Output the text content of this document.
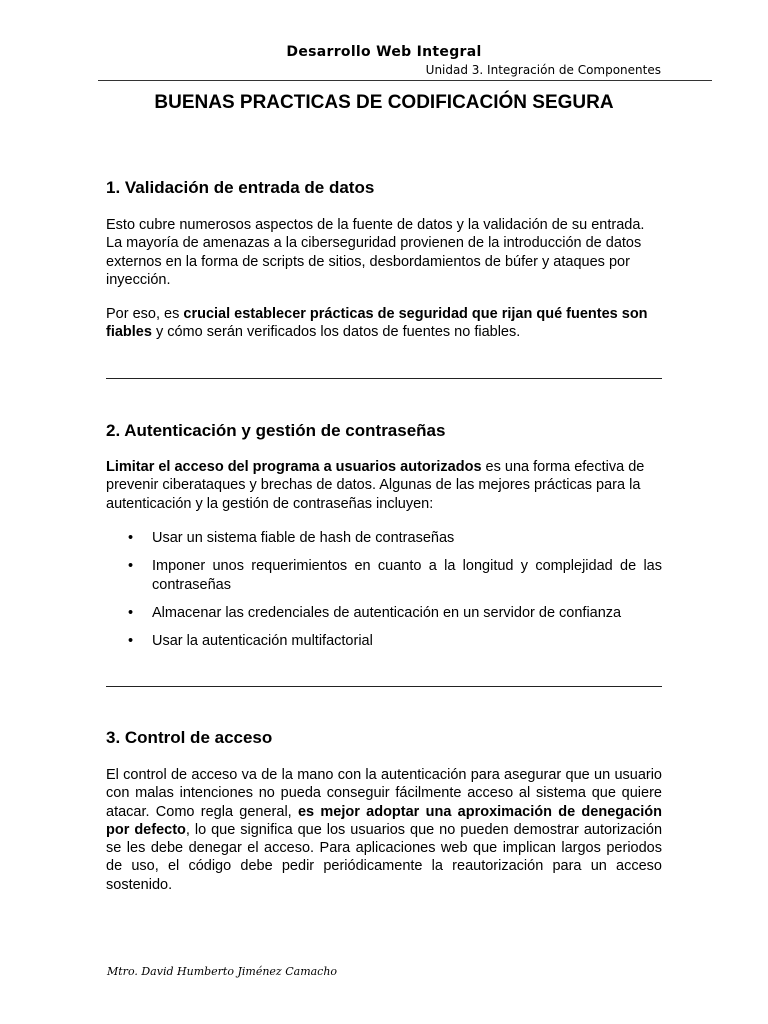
Desarrollo Web Integral
Unidad 3. Integración de Componentes
BUENAS PRACTICAS DE CODIFICACIÓN SEGURA
1. Validación de entrada de datos

Esto cubre numerosos aspectos de la fuente de datos y la validación de su entrada. La mayoría de amenazas a la ciberseguridad provienen de la introducción de datos externos en la forma de scripts de sitios, desbordamientos de búfer y ataques por inyección.

Por eso, es crucial establecer prácticas de seguridad que rijan qué fuentes son fiables y cómo serán verificados los datos de fuentes no fiables.

2. Autenticación y gestión de contraseñas

Limitar el acceso del programa a usuarios autorizados es una forma efectiva de prevenir ciberataques y brechas de datos. Algunas de las mejores prácticas para la autenticación y la gestión de contraseñas incluyen:

• Usar un sistema fiable de hash de contraseñas
• Imponer unos requerimientos en cuanto a la longitud y complejidad de las contraseñas
• Almacenar las credenciales de autenticación en un servidor de confianza
• Usar la autenticación multifactorial
3. Control de acceso

El control de acceso va de la mano con la autenticación para asegurar que un usuario con malas intenciones no pueda conseguir fácilmente acceso al sistema que quiere atacar. Como regla general, es mejor adoptar una aproximación de denegación por defecto, lo que significa que los usuarios que no pueden demostrar autorización se les debe denegar el acceso. Para aplicaciones web que implican largos periodos de uso, el código debe pedir periódicamente la reautorización para un acceso sostenido.

Mtro. David Humberto Jiménez Camacho
